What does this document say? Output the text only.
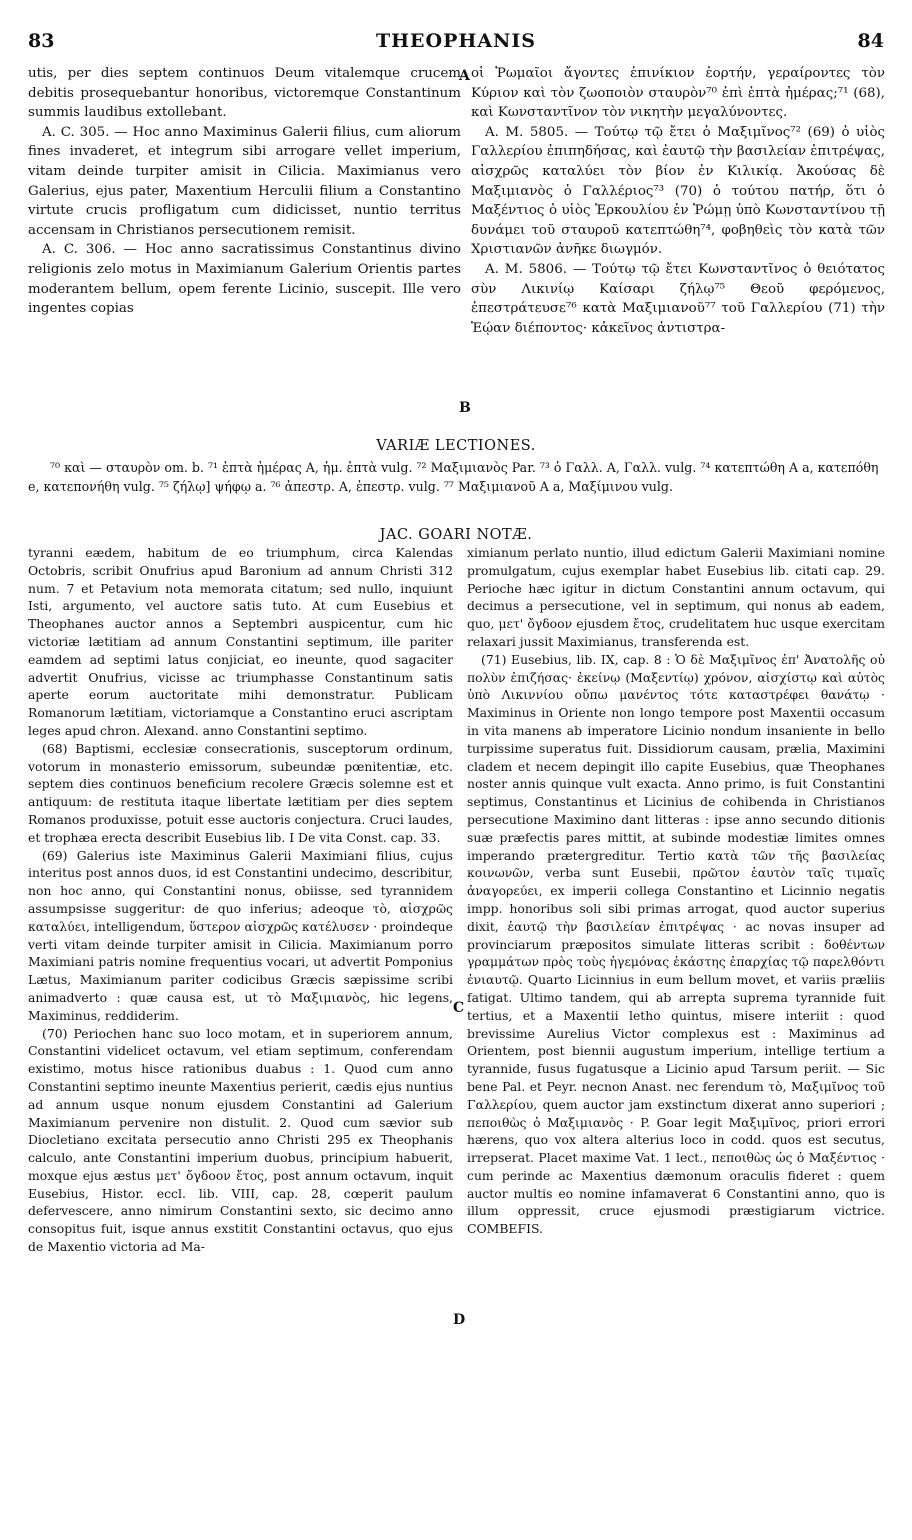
83	THEOPHANIS	84

utis, per dies septem continuos Deum vitalemque crucem debitis prosequebantur honoribus, victoremque Constantinum summis laudibus extollebant.

A. C. 305. — Hoc anno Maximinus Galerii filius, cum aliorum fines invaderet, et integrum sibi arrogare vellet imperium, vitam deinde turpiter amisit in Cilicia. Maximianus vero Galerius, ejus pater, Maxentium Herculii filium a Constantino virtute crucis profligatum cum didicisset, nuntio territus accensam in Christianos persecutionem remisit.

A. C. 306. — Hoc anno sacratissimus Constantinus divino religionis zelo motus in Maximianum Galerium Orientis partes moderantem bellum, opem ferente Licinio, suscepit. Ille vero ingentes copias

A
B

οἱ Ῥωμαῖοι ἄγοντες ἐπινίκιον ἑορτήν, γεραίροντες τὸν Κύριον καὶ τὸν ζωοποιὸν σταυρὸν⁷⁰ ἐπὶ ἑπτὰ ἡμέρας;⁷¹ (68), καὶ Κωνσταντῖνον τὸν νικητὴν μεγαλύνοντες.

A. M. 5805. — Τούτῳ τῷ ἔτει ὁ Μαξιμῖνος⁷² (69) ὁ υἱὸς Γαλλερίου ἐπιπηδήσας, καὶ ἑαυτῷ τὴν βασιλείαν ἐπιτρέψας, αἰσχρῶς καταλύει τὸν βίον ἐν Κιλικίᾳ. Ἀκούσας δὲ Μαξιμιανὸς ὁ Γαλλέριος⁷³ (70) ὁ τούτου πατήρ, ὅτι ὁ Μαξέντιος ὁ υἱὸς Ἑρκουλίου ἐν Ῥώμῃ ὑπὸ Κωνσταντίνου τῇ δυνάμει τοῦ σταυροῦ κατεπτώθη⁷⁴, φοβηθεὶς τὸν κατὰ τῶν Χριστιανῶν ἀνῆκε διωγμόν.

A. M. 5806. — Τούτῳ τῷ ἔτει Κωνσταντῖνος ὁ θειότατος σὺν Λικινίῳ Καίσαρι ζήλῳ⁷⁵ Θεοῦ φερόμενος, ἐπεστράτευσε⁷⁶ κατὰ Μαξιμιανοῦ⁷⁷ τοῦ Γαλλερίου (71) τὴν Ἑῴαν διέποντος· κἀκεῖνος ἀντιστρα-

VARIÆ LECTIONES.

⁷⁰ καὶ — σταυρὸν om. b. ⁷¹ ἑπτὰ ἡμέρας A, ἡμ. ἑπτὰ vulg. ⁷² Μαξιμιανὸς Par. ⁷³ ὁ Γαλλ. A, Γαλλ. vulg. ⁷⁴ κατεπτώθη A a, κατεπόθη e, κατεπονήθη vulg. ⁷⁵ ζήλῳ] ψήφῳ a. ⁷⁶ ἀπεστρ. A, ἐπεστρ. vulg. ⁷⁷ Μαξιμιανοῦ A a, Μαξίμινου vulg.

JAC. GOARI NOTÆ.

tyranni eædem, habitum de eo triumphum, circa Kalendas Octobris, scribit Onufrius apud Baronium ad annum Christi 312 num. 7 et Petavium nota memorata citatum; sed nullo, inquiunt Isti, argumento, vel auctore satis tuto. At cum Eusebius et Theophanes auctor annos a Septembri auspicentur, cum hic victoriæ lætitiam ad annum Constantini septimum, ille pariter eamdem ad septimi latus conjiciat, eo ineunte, quod sagaciter advertit Onufrius, vicisse ac triumphasse Constantinum satis aperte eorum auctoritate mihi demonstratur. Publicam Romanorum lætitiam, victoriamque a Constantino eruci ascriptam leges apud chron. Alexand. anno Constantini septimo.

(68) Baptismi, ecclesiæ consecrationis, susceptorum ordinum, votorum in monasterio emissorum, subeundæ pœnitentiæ, etc. septem dies continuos beneficium recolere Græcis solemne est et antiquum: de restituta itaque libertate lætitiam per dies septem Romanos produxisse, potuit esse auctoris conjectura. Cruci laudes, et trophæa erecta describit Eusebius lib. I De vita Const. cap. 33.

(69) Galerius iste Maximinus Galerii Maximiani filius, cujus interitus post annos duos, id est Constantini undecimo, describitur, non hoc anno, qui Constantini nonus, obiisse, sed tyrannidem assumpsisse suggeritur: de quo inferius; adeoque τὸ, αἰσχρῶς καταλύει, intelligendum, ὕστερον αἰσχρῶς κατέλυσεν · proindeque verti vitam deinde turpiter amisit in Cilicia. Maximianum porro Maximiani patris nomine frequentius vocari, ut advertit Pomponius Lætus, Maximianum pariter codicibus Græcis sæpissime scribi animadverto : quæ causa est, ut τὸ Μαξιμιανὸς, hic legens, Maximinus, reddiderim.

(70) Periochen hanc suo loco motam, et in superiorem annum, Constantini videlicet octavum, vel etiam septimum, conferendam existimo, motus hisce rationibus duabus : 1. Quod cum anno Constantini septimo ineunte Maxentius perierit, cædis ejus nuntius ad annum usque nonum ejusdem Constantini ad Galerium Maximianum pervenire non distulit. 2. Quod cum sævior sub Diocletiano excitata persecutio anno Christi 295 ex Theophanis calculo, ante Constantini imperium duobus, principium habuerit, moxque ejus æstus μετ' ὄγδοον ἔτος, post annum octavum, inquit Eusebius, Histor. eccl. lib. VIII, cap. 28, cœperit paulum defervescere, anno nimirum Constantini sexto, sic decimo anno consopitus fuit, isque annus exstitit Constantini octavus, quo ejus de Maxentio victoria ad Ma-

C
D

ximianum perlato nuntio, illud edictum Galerii Maximiani nomine promulgatum, cujus exemplar habet Eusebius lib. citati cap. 29. Perioche hæc igitur in dictum Constantini annum octavum, qui decimus a persecutione, vel in septimum, qui nonus ab eadem, quo, μετ' ὄγδοον ejusdem ἔτος, crudelitatem huc usque exercitam relaxari jussit Maximianus, transferenda est.

(71) Eusebius, lib. IX, cap. 8 : Ὁ δὲ Μαξιμῖνος ἐπ' Ἀνατολῆς οὐ πολὺν ἐπιζήσας· ἐκείνῳ (Μαξεντίῳ) χρόνον, αἰσχίστῳ καὶ αὐτὸς ὑπὸ Λικιννίου οὔπω μανέντος τότε καταστρέφει θανάτῳ · Maximinus in Oriente non longo tempore post Maxentii occasum in vita manens ab imperatore Licinio nondum insaniente in bello turpissime superatus fuit. Dissidiorum causam, prælia, Maximini cladem et necem depingit illo capite Eusebius, quæ Theophanes noster annis quinque vult exacta. Anno primo, is fuit Constantini septimus, Constantinus et Licinius de cohibenda in Christianos persecutione Maximino dant litteras : ipse anno secundo ditionis suæ præfectis pares mittit, at subinde modestiæ limites omnes imperando prætergreditur. Tertio κατὰ τῶν τῆς βασιλείας κοινωνῶν, verba sunt Eusebii, πρῶτον ἑαυτὸν ταῖς τιμαῖς ἀναγορεύει, ex imperii collega Constantino et Licinnio negatis impp. honoribus soli sibi primas arrogat, quod auctor superius dixit, ἑαυτῷ τὴν βασιλείαν ἐπιτρέψας · ac novas insuper ad provinciarum præpositos simulate litteras scribit : δοθέντων γραμμάτων πρὸς τοὺς ἡγεμόνας ἑκάστης ἐπαρχίας τῷ παρελθόντι ἐνιαυτῷ. Quarto Licinnius in eum bellum movet, et variis præliis fatigat. Ultimo tandem, qui ab arrepta suprema tyrannide fuit tertius, et a Maxentii letho quintus, misere interiit : quod brevissime Aurelius Victor complexus est : Maximinus ad Orientem, post biennii augustum imperium, intellige tertium a tyrannide, fusus fugatusque a Licinio apud Tarsum periit. — Sic bene Pal. et Peyr. necnon Anast. nec ferendum τὸ, Μαξιμῖνος τοῦ Γαλλερίου, quem auctor jam exstinctum dixerat anno superiori ; πεποιθὼς ὁ Μαξιμιανὸς · P. Goar legit Μαξιμῖνος, priori errori hærens, quo vox altera alterius loco in codd. quos est secutus, irrepserat. Placet maxime Vat. 1 lect., πεποιθὼς ὡς ὁ Μαξέντιος · cum perinde ac Maxentius dæmonum oraculis fideret : quem auctor multis eo nomine infamaverat 6 Constantini anno, quo is illum oppressit, cruce ejusmodi præstigiarum victrice. COMBEFIS.
